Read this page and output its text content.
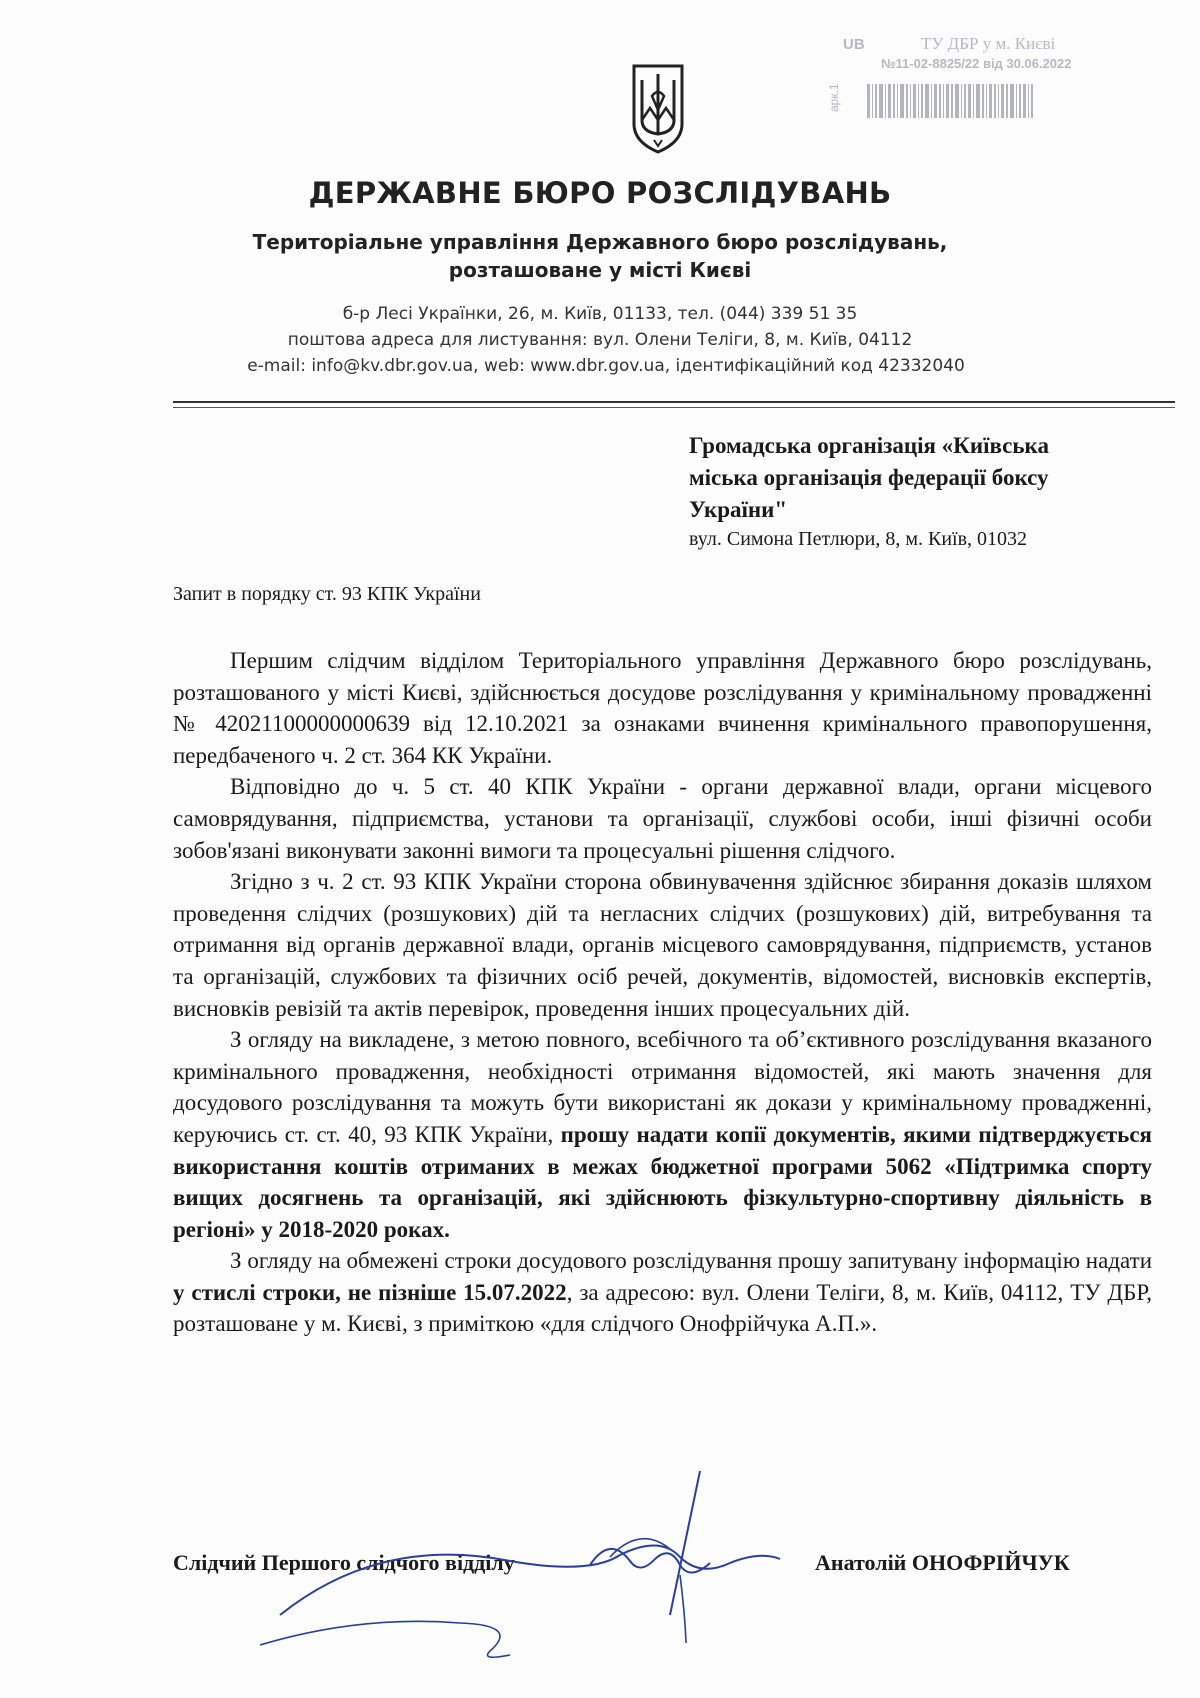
UB	ТУ ДБР у м. Києві
№11-02-8825/22 від 30.06.2022
арк.1
ДЕРЖАВНЕ БЮРО РОЗСЛІДУВАНЬ
Територіальне управління Державного бюро розслідувань,
розташоване у місті Києві
б-р Лесі Українки, 26, м. Київ, 01133, тел. (044) 339 51 35
поштова адреса для листування: вул. Олени Теліги, 8, м. Київ, 04112
e-mail: info@kv.dbr.gov.ua, web: www.dbr.gov.ua, ідентифікаційний код 42332040
Громадська організація «Київська
міська організація федерації боксу
України"
вул. Симона Петлюри, 8, м. Київ, 01032
Запит в порядку ст. 93 КПК України

Першим слідчим відділом Територіального управління Державного бюро розслідувань, розташованого у місті Києві, здійснюється досудове розслідування у кримінальному провадженні № 42021100000000639 від 12.10.2021 за ознаками вчинення кримінального правопорушення, передбаченого ч. 2 ст. 364 КК України.

Відповідно до ч. 5 ст. 40 КПК України - органи державної влади, органи місцевого самоврядування, підприємства, установи та організації, службові особи, інші фізичні особи зобов'язані виконувати законні вимоги та процесуальні рішення слідчого.

Згідно з ч. 2 ст. 93 КПК України сторона обвинувачення здійснює збирання доказів шляхом проведення слідчих (розшукових) дій та негласних слідчих (розшукових) дій, витребування та отримання від органів державної влади, органів місцевого самоврядування, підприємств, установ та організацій, службових та фізичних осіб речей, документів, відомостей, висновків експертів, висновків ревізій та актів перевірок, проведення інших процесуальних дій.

З огляду на викладене, з метою повного, всебічного та об’єктивного розслідування вказаного кримінального провадження, необхідності отримання відомостей, які мають значення для досудового розслідування та можуть бути використані як докази у кримінальному провадженні, керуючись ст. ст. 40, 93 КПК України, прошу надати копії документів, якими підтверджується використання коштів отриманих в межах бюджетної програми 5062 «Підтримка спорту вищих досягнень та організацій, які здійснюють фізкультурно-спортивну діяльність в регіоні» у 2018-2020 роках.

З огляду на обмежені строки досудового розслідування прошу запитувану інформацію надати у стислі строки, не пізніше 15.07.2022, за адресою: вул. Олени Теліги, 8, м. Київ, 04112, ТУ ДБР, розташоване у м. Києві, з приміткою «для слідчого Онофрійчука А.П.».

Слідчий Першого слідчого відділу	Анатолій ОНОФРІЙЧУК
